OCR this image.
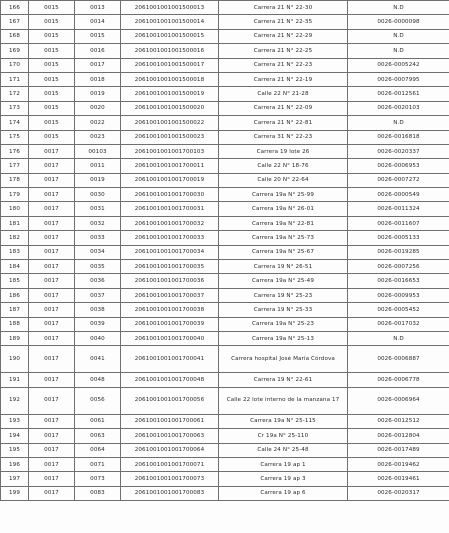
166	0015	0013	2061001001001500013	Carrera 21 N° 22-30	N.D
167	0015	0014	2061001001001500014	Carrera 21 N° 22-35	0026-0000098
168	0015	0015	2061001001001500015	Carrera 21 N° 22-29	N.D
169	0015	0016	2061001001001500016	Carrera 21 N° 22-25	N.D
170	0015	0017	2061001001001500017	Carrera 21 N° 22-23	0026-0005242
171	0015	0018	2061001001001500018	Carrera 21 N° 22-19	0026-0007995
172	0015	0019	2061001001001500019	Calle 22 N° 21-28	0026-0012561
173	0015	0020	2061001001001500020	Carrera 21 N° 22-09	0026-0020103
174	0015	0022	2061001001001500022	Carrera 21 N° 22-81	N.D
175	0015	0023	2061001001001500023	Carrera 31 N° 22-23	0026-0016818
176	0017	00103	2061001001001700103	Carrera 19 lote 26	0026-0020337
177	0017	0011	2061001001001700011	Calle 22 N° 18-76	0026-0006953
178	0017	0019	2061001001001700019	Calle 20 N° 22-64	0026-0007272
179	0017	0030	2061001001001700030	Carrera 19a N° 25-99	0026-0000549
180	0017	0031	2061001001001700031	Carrera 19a N° 26-01	0026-0011324
181	0017	0032	2061001001001700032	Carrera 19a N° 22-81	0026-0011607
182	0017	0033	2061001001001700033	Carrera 19a N° 25-73	0026-0005133
183	0017	0034	2061001001001700034	Carrera 19a N° 25-67	0026-0019285
184	0017	0035	2061001001001700035	Carrera 19 N° 26-51	0026-0007256
185	0017	0036	2061001001001700036	Carrera 19a N° 25-49	0026-0016653
186	0017	0037	2061001001001700037	Carrera 19 N° 25-23	0026-0009953
187	0017	0038	2061001001001700038	Carrera 19 N° 25-33	0026-0005452
188	0017	0039	2061001001001700039	Carrera 19a N° 25-23	0026-0017032
189	0017	0040	2061001001001700040	Carrera 19a N° 25-13	N.D
190	0017	0041	2061001001001700041	Carrera hospital José María Córdova	0026-0006887
191	0017	0048	2061001001001700048	Carrera 19 N° 22-61	0026-0006778
192	0017	0056	2061001001001700056	Calle 22 lote interno de la manzana 17	0026-0006964
193	0017	0061	2061001001001700061	Carrera 19a N° 25-115	0026-0012512
194	0017	0063	2061001001001700063	Cr 19a N° 25-110	0026-0012804
195	0017	0064	2061001001001700064	Calle 24 N° 25-48	0026-0017489
196	0017	0071	2061001001001700071	Carrera 19 ap 1	0026-0019462
197	0017	0073	2061001001001700073	Carrera 19 ap 3	0026-0019461
199	0017	0083	2061001001001700083	Carrera 19 ap 6	0026-0020317
